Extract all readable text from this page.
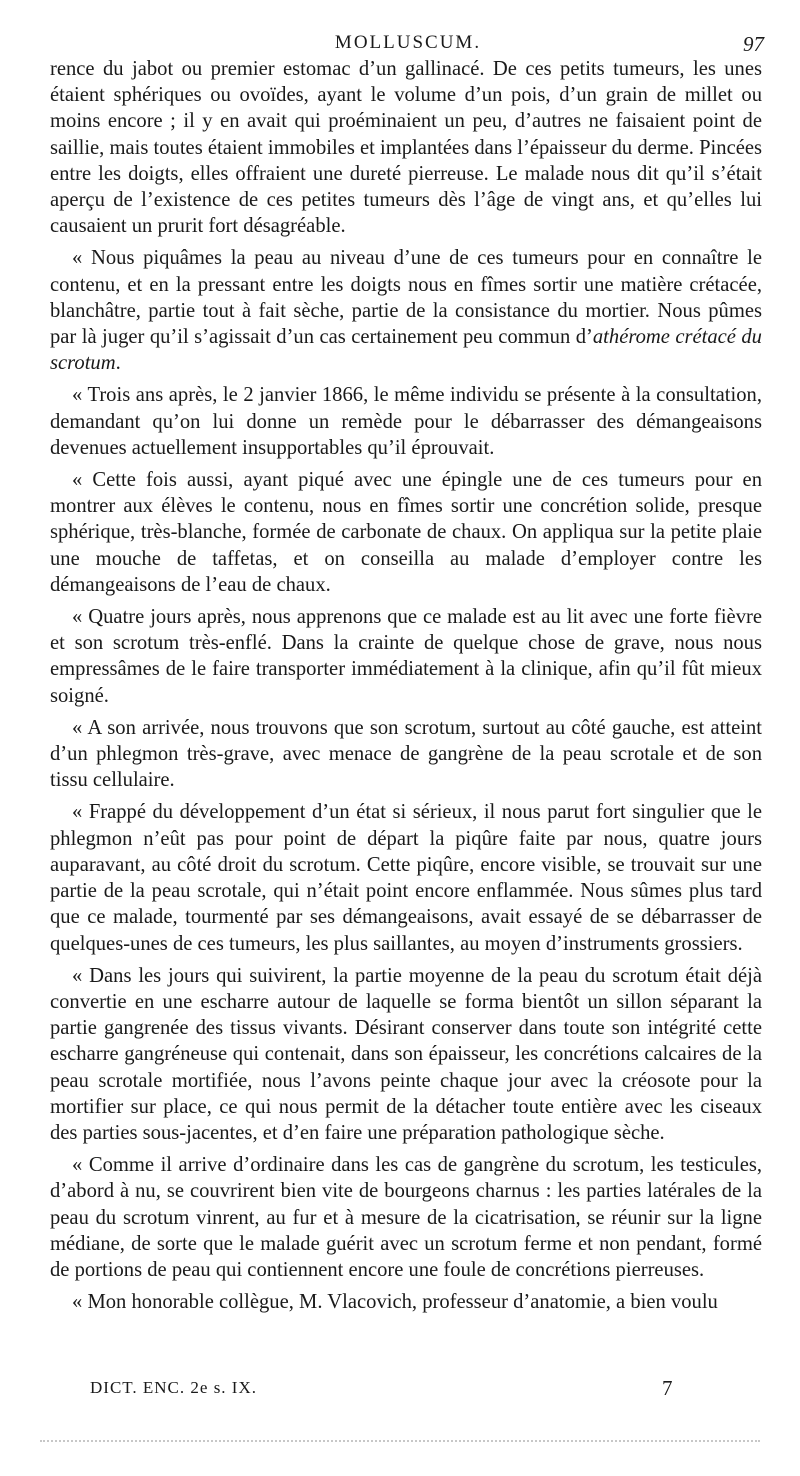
MOLLUSCUM.	97

rence du jabot ou premier estomac d’un gallinacé. De ces petits tumeurs, les unes étaient sphériques ou ovoïdes, ayant le volume d’un pois, d’un grain de millet ou moins encore ; il y en avait qui proéminaient un peu, d’autres ne faisaient point de saillie, mais toutes étaient immobiles et implantées dans l’épaisseur du derme. Pincées entre les doigts, elles offraient une dureté pierreuse. Le malade nous dit qu’il s’était aperçu de l’existence de ces petites tumeurs dès l’âge de vingt ans, et qu’elles lui causaient un prurit fort désagréable.

« Nous piquâmes la peau au niveau d’une de ces tumeurs pour en connaître le contenu, et en la pressant entre les doigts nous en fîmes sortir une matière crétacée, blanchâtre, partie tout à fait sèche, partie de la consistance du mortier. Nous pûmes par là juger qu’il s’agissait d’un cas certainement peu commun d’athérome crétacé du scrotum.

« Trois ans après, le 2 janvier 1866, le même individu se présente à la consultation, demandant qu’on lui donne un remède pour le débarrasser des démangeaisons devenues actuellement insupportables qu’il éprouvait.

« Cette fois aussi, ayant piqué avec une épingle une de ces tumeurs pour en montrer aux élèves le contenu, nous en fîmes sortir une concrétion solide, presque sphérique, très-blanche, formée de carbonate de chaux. On appliqua sur la petite plaie une mouche de taffetas, et on conseilla au malade d’employer contre les démangeaisons de l’eau de chaux.

« Quatre jours après, nous apprenons que ce malade est au lit avec une forte fièvre et son scrotum très-enflé. Dans la crainte de quelque chose de grave, nous nous empressâmes de le faire transporter immédiatement à la clinique, afin qu’il fût mieux soigné.

« A son arrivée, nous trouvons que son scrotum, surtout au côté gauche, est atteint d’un phlegmon très-grave, avec menace de gangrène de la peau scrotale et de son tissu cellulaire.

« Frappé du développement d’un état si sérieux, il nous parut fort singulier que le phlegmon n’eût pas pour point de départ la piqûre faite par nous, quatre jours auparavant, au côté droit du scrotum. Cette piqûre, encore visible, se trouvait sur une partie de la peau scrotale, qui n’était point encore enflammée. Nous sûmes plus tard que ce malade, tourmenté par ses démangeaisons, avait essayé de se débarrasser de quelques-unes de ces tumeurs, les plus saillantes, au moyen d’instruments grossiers.

« Dans les jours qui suivirent, la partie moyenne de la peau du scrotum était déjà convertie en une escharre autour de laquelle se forma bientôt un sillon séparant la partie gangrenée des tissus vivants. Désirant conserver dans toute son intégrité cette escharre gangréneuse qui contenait, dans son épaisseur, les concrétions calcaires de la peau scrotale mortifiée, nous l’avons peinte chaque jour avec la créosote pour la mortifier sur place, ce qui nous permit de la détacher toute entière avec les ciseaux des parties sous-jacentes, et d’en faire une préparation pathologique sèche.

« Comme il arrive d’ordinaire dans les cas de gangrène du scrotum, les testicules, d’abord à nu, se couvrirent bien vite de bourgeons charnus : les parties latérales de la peau du scrotum vinrent, au fur et à mesure de la cicatrisation, se réunir sur la ligne médiane, de sorte que le malade guérit avec un scrotum ferme et non pendant, formé de portions de peau qui contiennent encore une foule de concrétions pierreuses.

« Mon honorable collègue, M. Vlacovich, professeur d’anatomie, a bien voulu

DICT. ENC. 2e s. IX.	7
